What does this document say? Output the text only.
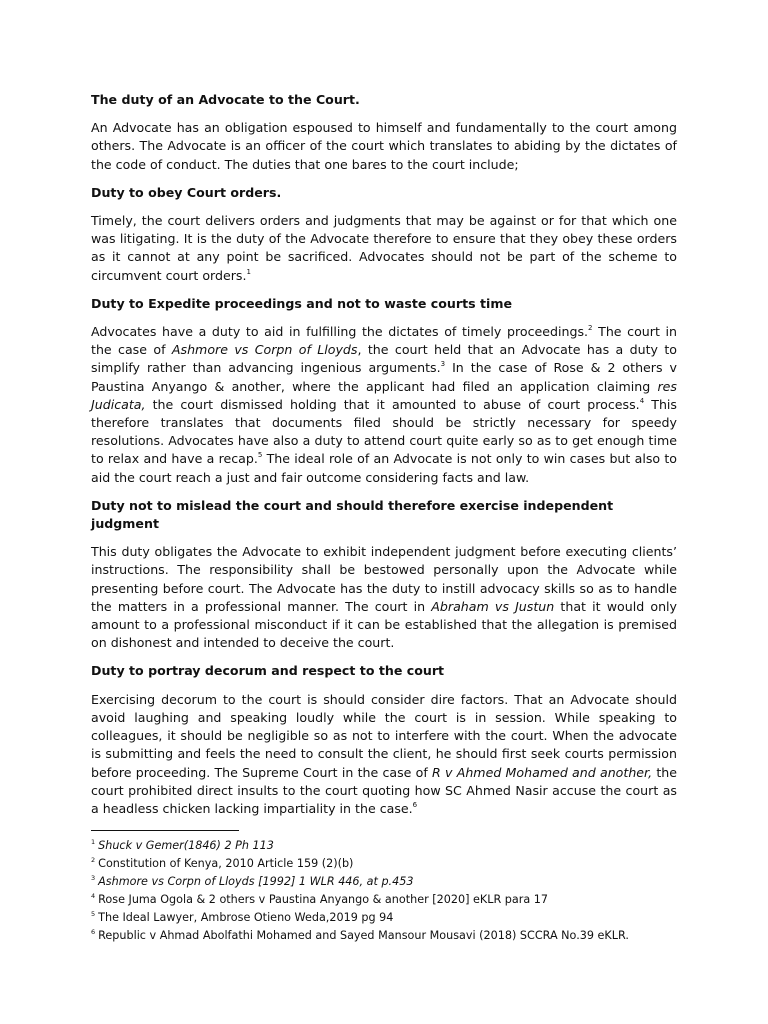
The duty of an Advocate to the Court.

An Advocate has an obligation espoused to himself and fundamentally to the court among others. The Advocate is an officer of the court which translates to abiding by the dictates of the code of conduct. The duties that one bares to the court include;

Duty to obey Court orders.

Timely, the court delivers orders and judgments that may be against or for that which one was litigating. It is the duty of the Advocate therefore to ensure that they obey these orders as it cannot at any point be sacrificed. Advocates should not be part of the scheme to circumvent court orders.$^1$

Duty to Expedite proceedings and not to waste courts time

Advocates have a duty to aid in fulfilling the dictates of timely proceedings.$^2$ The court in the case of Ashmore vs Corpn of Lloyds, the court held that an Advocate has a duty to simplify rather than advancing ingenious arguments.$^3$ In the case of Rose & 2 others v Paustina Anyango & another, where the applicant had filed an application claiming res Judicata, the court dismissed holding that it amounted to abuse of court process.$^4$ This therefore translates that documents filed should be strictly necessary for speedy resolutions. Advocates have also a duty to attend court quite early so as to get enough time to relax and have a recap.$^5$ The ideal role of an Advocate is not only to win cases but also to aid the court reach a just and fair outcome considering facts and law.

Duty not to mislead the court and should therefore exercise independent judgment

This duty obligates the Advocate to exhibit independent judgment before executing clients’ instructions. The responsibility shall be bestowed personally upon the Advocate while presenting before court. The Advocate has the duty to instill advocacy skills so as to handle the matters in a professional manner. The court in Abraham vs Justun that it would only amount to a professional misconduct if it can be established that the allegation is premised on dishonest and intended to deceive the court.

Duty to portray decorum and respect to the court

Exercising decorum to the court is should consider dire factors. That an Advocate should avoid laughing and speaking loudly while the court is in session. While speaking to colleagues, it should be negligible so as not to interfere with the court. When the advocate is submitting and feels the need to consult the client, he should first seek courts permission before proceeding. The Supreme Court in the case of R v Ahmed Mohamed and another, the court prohibited direct insults to the court quoting how SC Ahmed Nasir accuse the court as a headless chicken lacking impartiality in the case.$^6$

$^1$ Shuck v Gemer(1846) 2 Ph 113
$^2$ Constitution of Kenya, 2010 Article 159 (2)(b)
$^3$ Ashmore vs Corpn of Lloyds [1992] 1 WLR 446, at p.453
$^4$ Rose Juma Ogola & 2 others v Paustina Anyango & another [2020] eKLR para 17
$^5$ The Ideal Lawyer, Ambrose Otieno Weda,2019 pg 94
$^6$ Republic v Ahmad Abolfathi Mohamed and Sayed Mansour Mousavi (2018) SCCRA No.39 eKLR.
